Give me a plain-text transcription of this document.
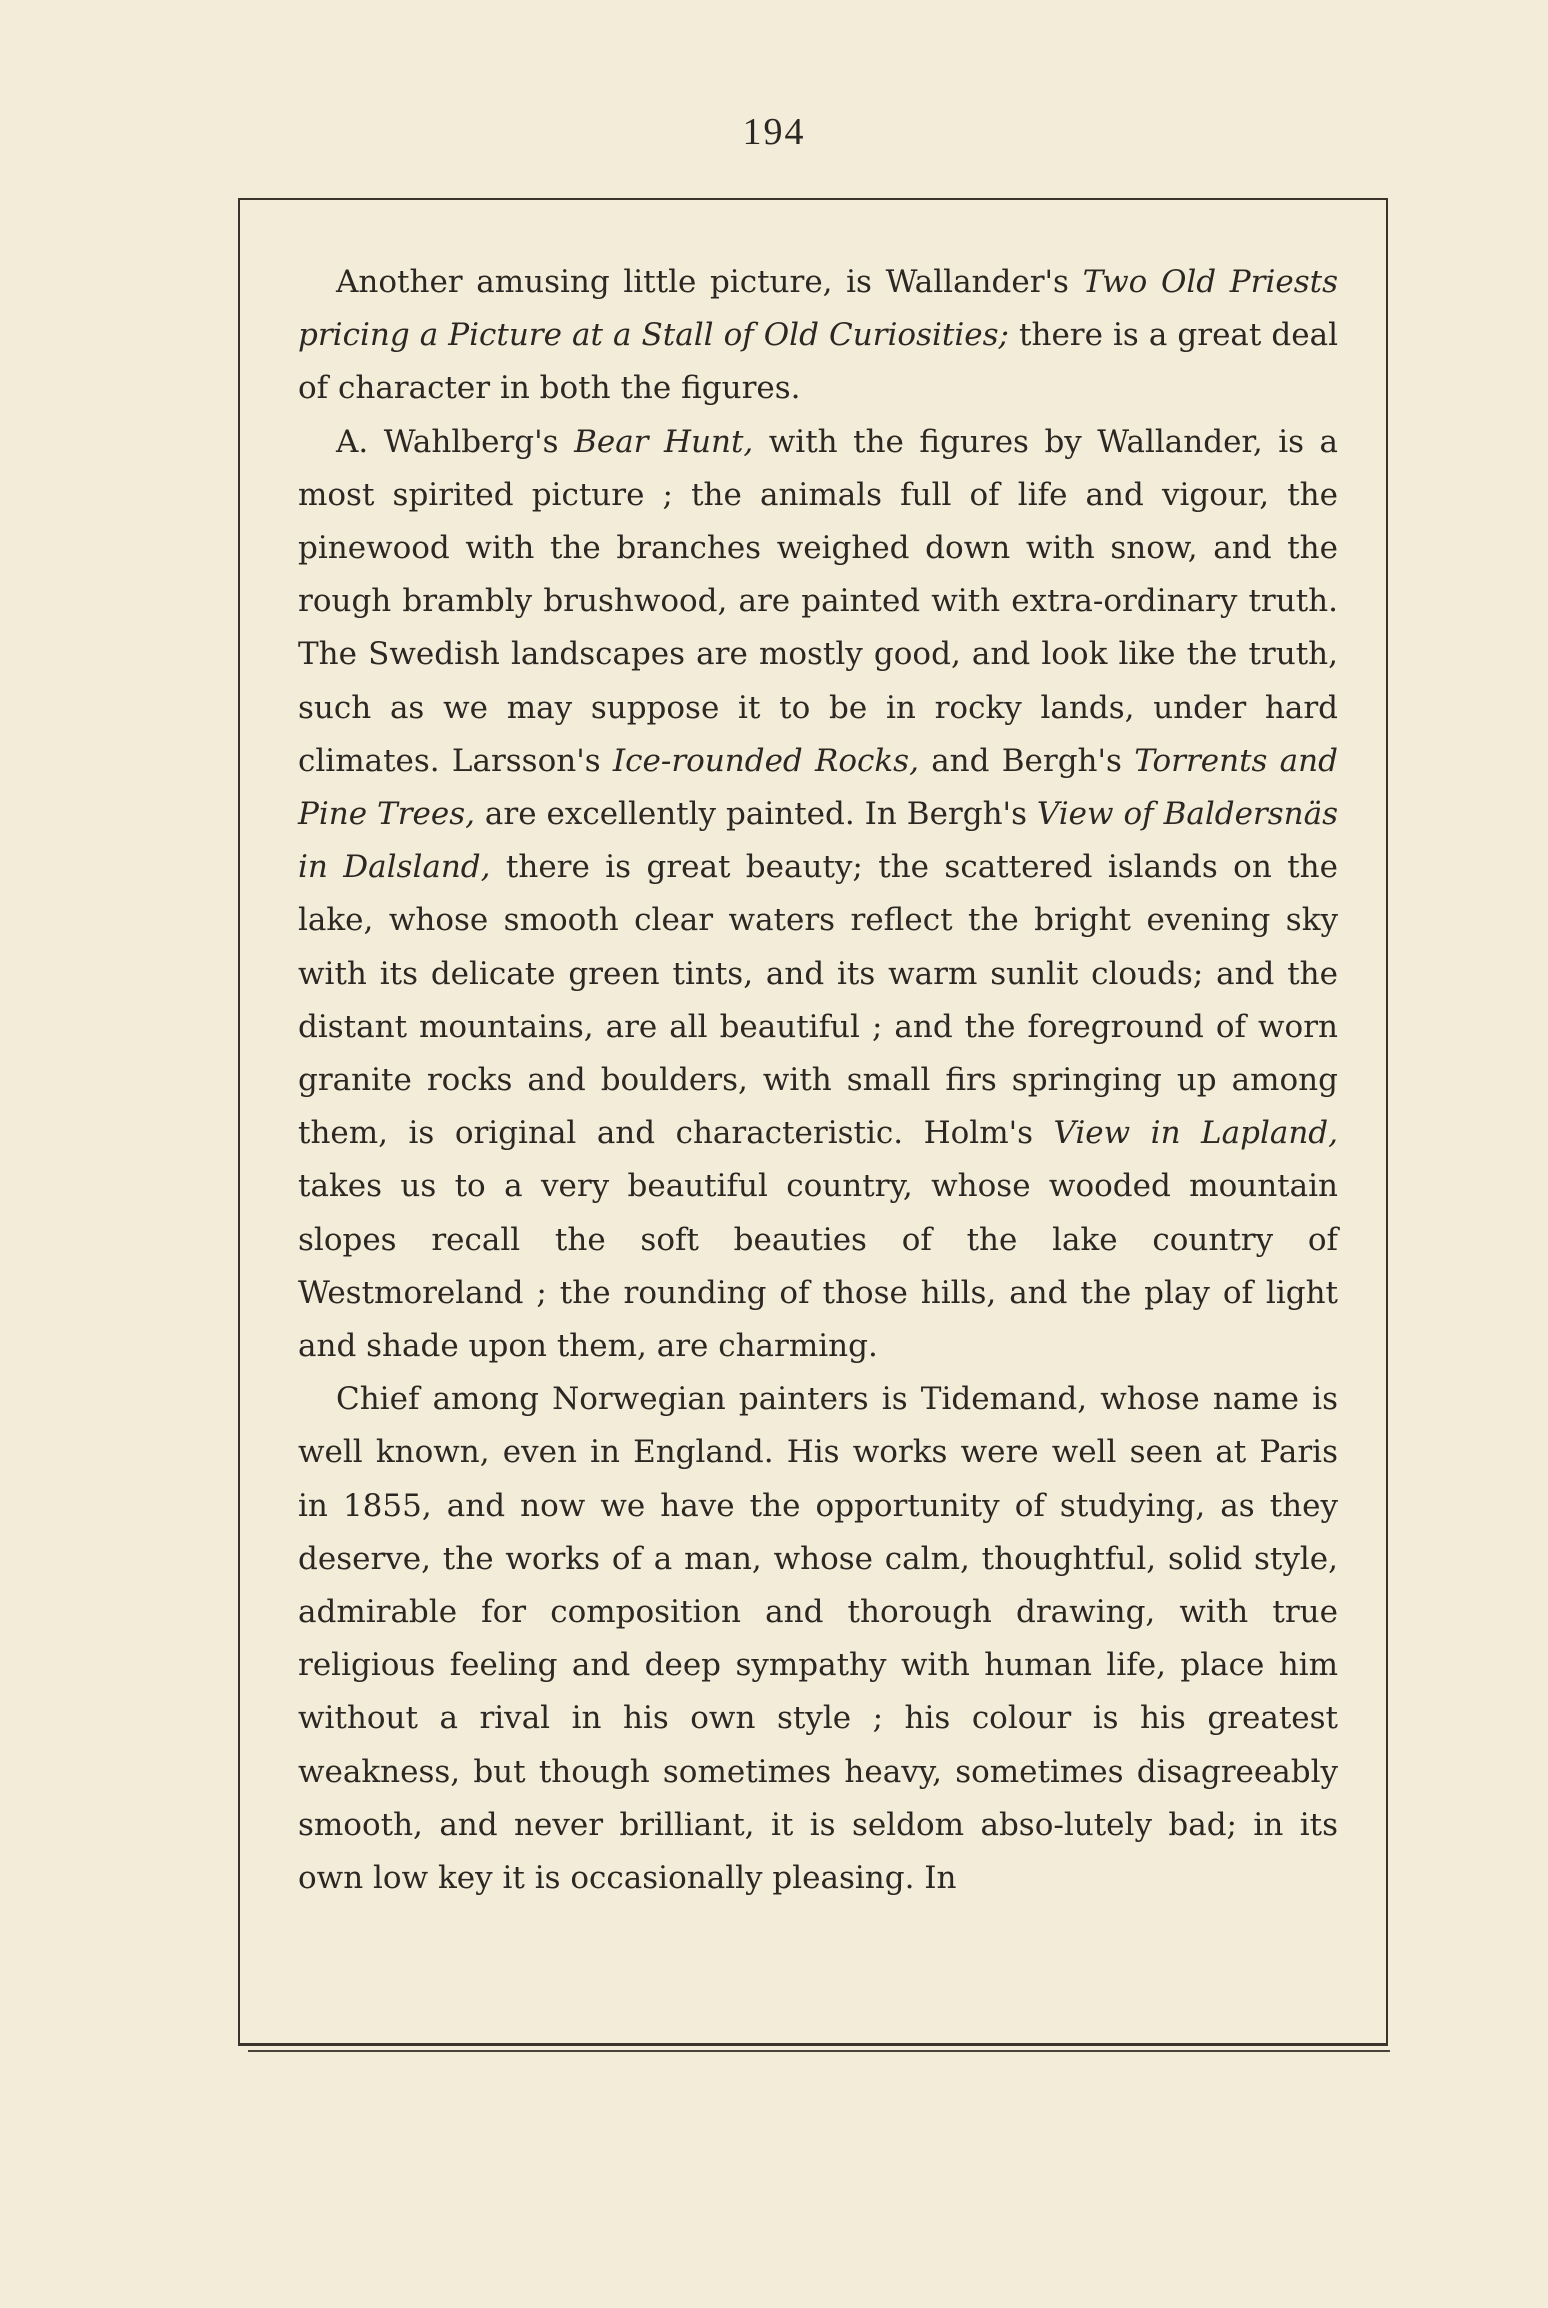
194

Another amusing little picture, is Wallander's Two Old Priests pricing a Picture at a Stall of Old Curiosities; there is a great deal of character in both the figures.

A. Wahlberg's Bear Hunt, with the figures by Wallander, is a most spirited picture ; the animals full of life and vigour, the pinewood with the branches weighed down with snow, and the rough brambly brushwood, are painted with extra-ordinary truth. The Swedish landscapes are mostly good, and look like the truth, such as we may suppose it to be in rocky lands, under hard climates. Larsson's Ice-rounded Rocks, and Bergh's Torrents and Pine Trees, are excellently painted. In Bergh's View of Baldersnäs in Dalsland, there is great beauty; the scattered islands on the lake, whose smooth clear waters reflect the bright evening sky with its delicate green tints, and its warm sunlit clouds; and the distant mountains, are all beautiful ; and the foreground of worn granite rocks and boulders, with small firs springing up among them, is original and characteristic. Holm's View in Lapland, takes us to a very beautiful country, whose wooded mountain slopes recall the soft beauties of the lake country of Westmoreland ; the rounding of those hills, and the play of light and shade upon them, are charming.

Chief among Norwegian painters is Tidemand, whose name is well known, even in England. His works were well seen at Paris in 1855, and now we have the opportunity of studying, as they deserve, the works of a man, whose calm, thoughtful, solid style, admirable for composition and thorough drawing, with true religious feeling and deep sympathy with human life, place him without a rival in his own style ; his colour is his greatest weakness, but though sometimes heavy, sometimes disagreeably smooth, and never brilliant, it is seldom abso-lutely bad; in its own low key it is occasionally pleasing. In
